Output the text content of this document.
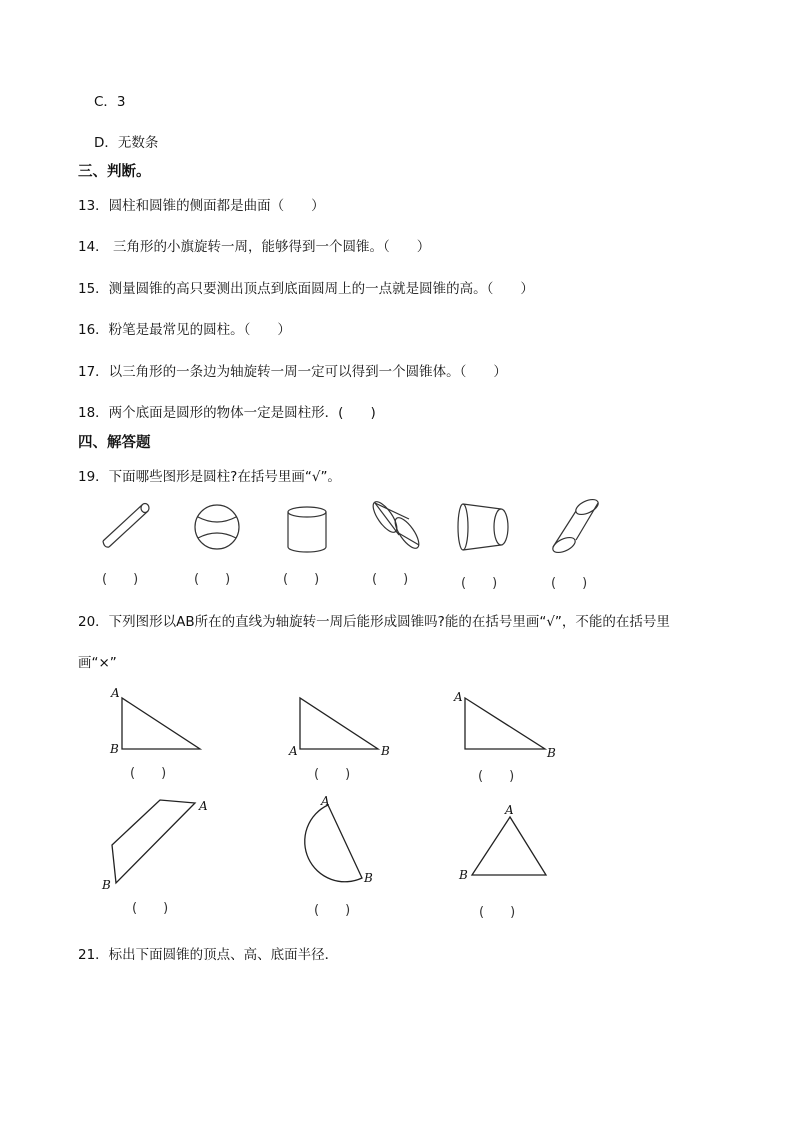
C．3
D．无数条
三、判断。
13．圆柱和圆锥的侧面都是曲面（　　）
14． 三角形的小旗旋转一周，能够得到一个圆锥。（　　）
15．测量圆锥的高只要测出顶点到底面圆周上的一点就是圆锥的高。（　　）
16．粉笔是最常见的圆柱。（　　）
17．以三角形的一条边为轴旋转一周一定可以得到一个圆锥体。（　　）
18．两个底面是圆形的物体一定是圆柱形．(　　)
四、解答题
19．下面哪些图形是圆柱?在括号里画“√”。
(　　)	(　　)	(　　)	(　　)	(　　)	(　　)
20．下列图形以AB所在的直线为轴旋转一周后能形成圆锥吗?能的在括号里画“√”，不能的在括号里
画“×”
A
B	A	B
A
B
A
B
A
B
A
B
(　　)	(　　)	(　　)
(　　)	(　　)	(　　)
21．标出下面圆锥的顶点、高、底面半径．
